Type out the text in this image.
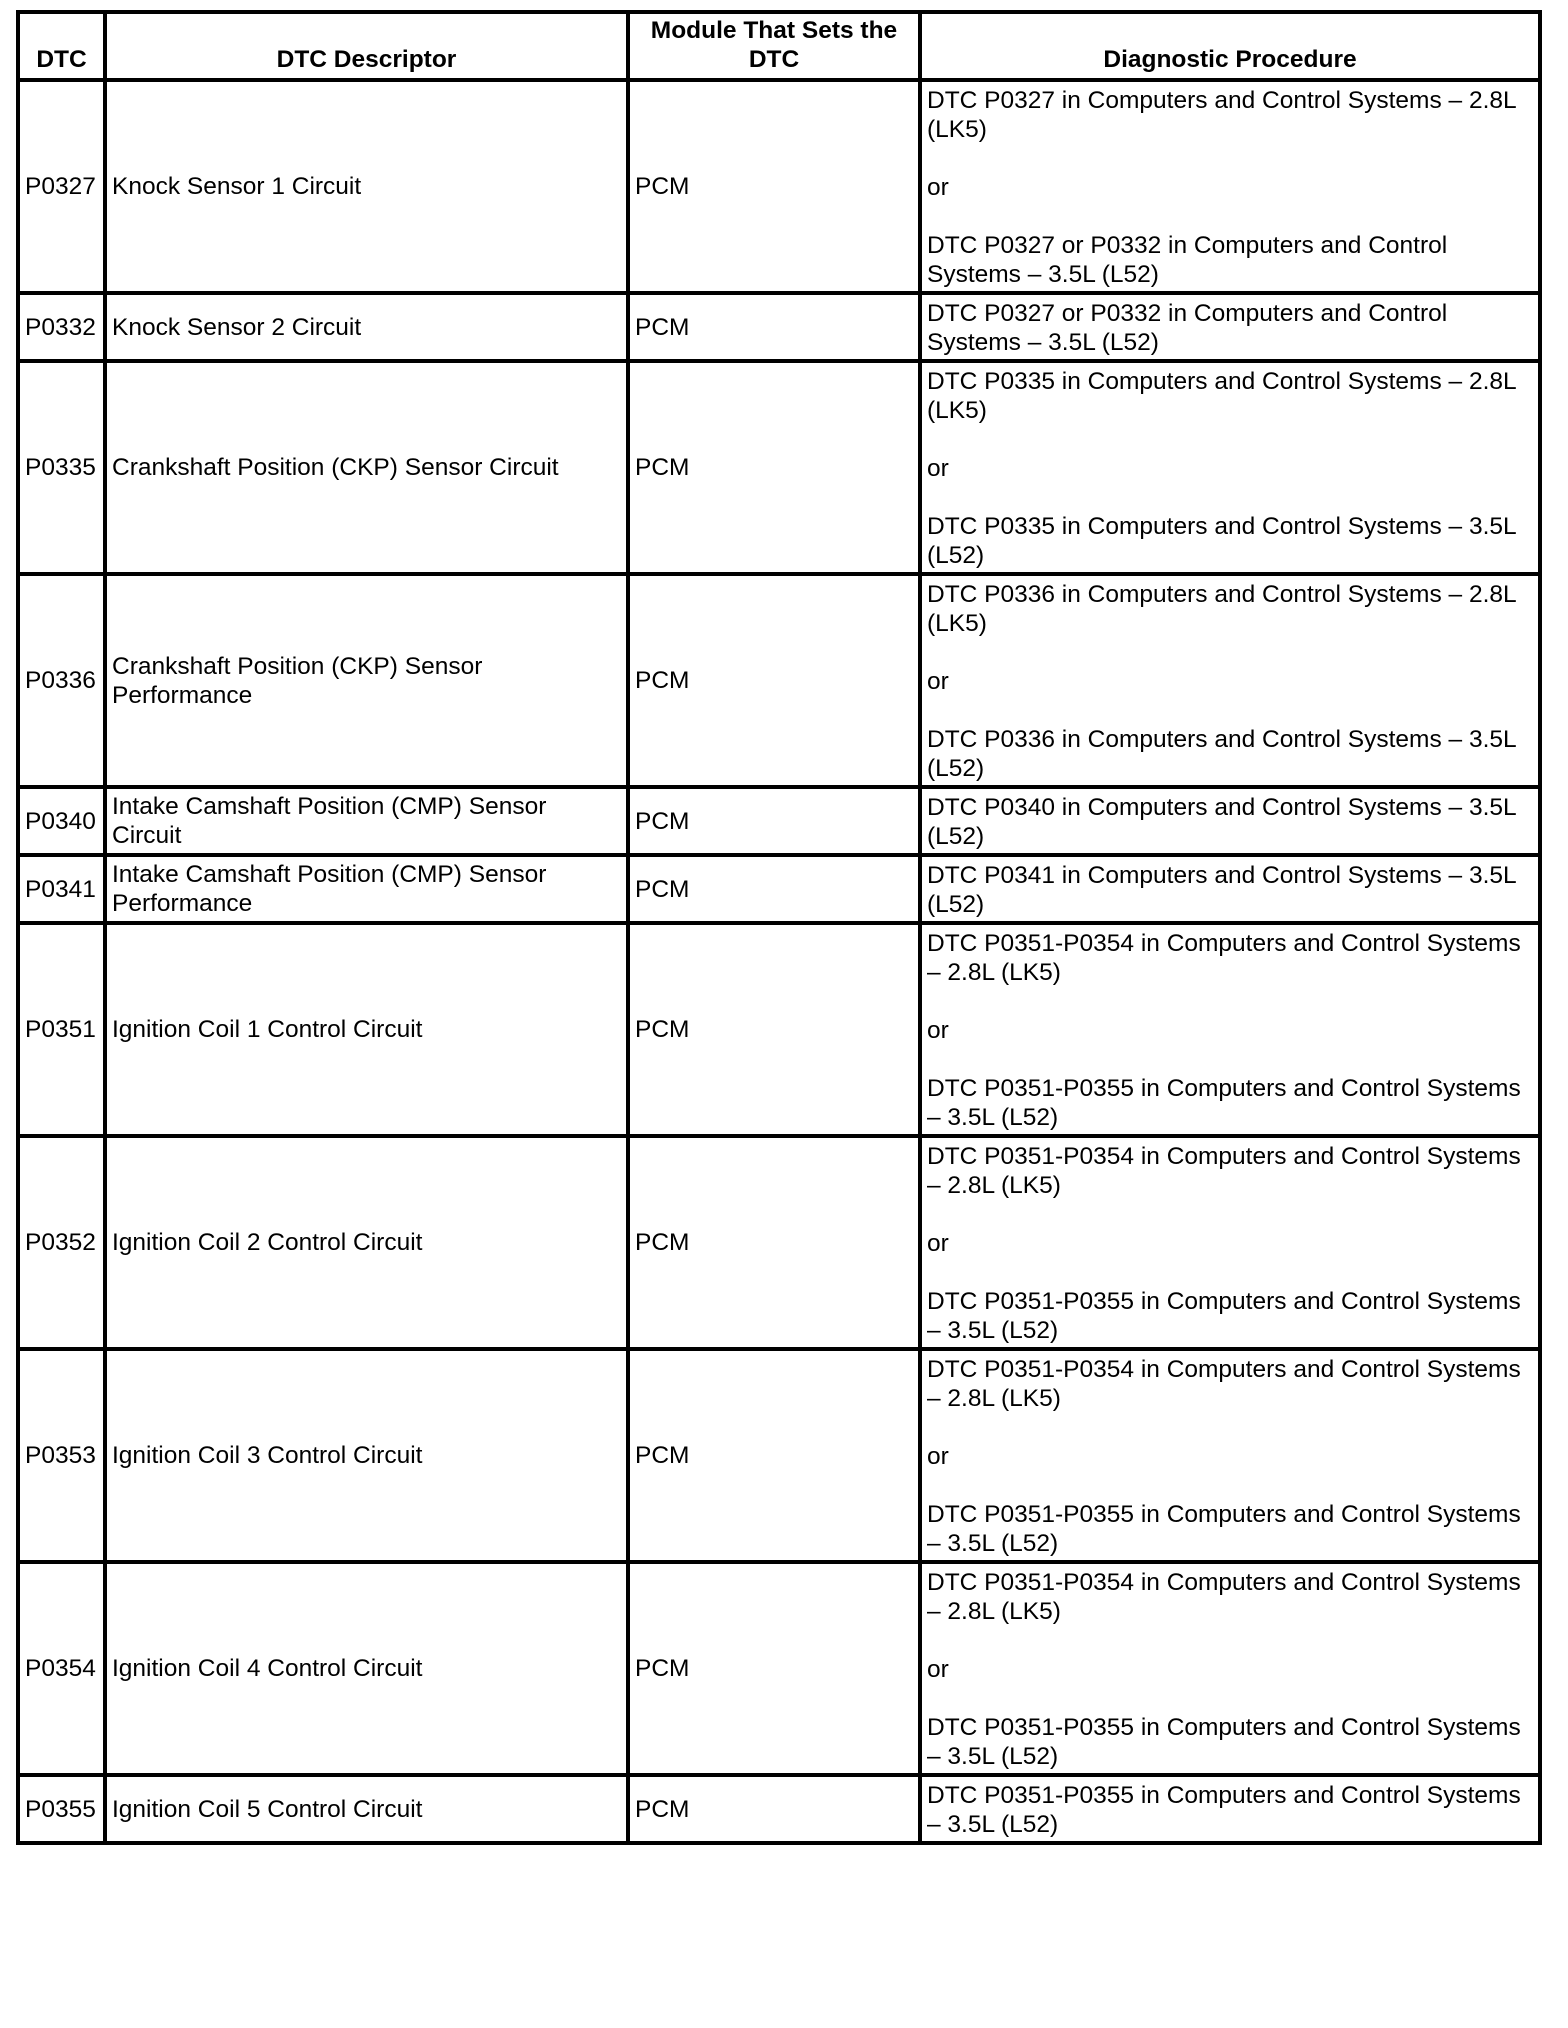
DTC	DTC Descriptor	Module That Sets the DTC	Diagnostic Procedure
P0327	Knock Sensor 1 Circuit	PCM	DTC P0327 in Computers and Control Systems – 2.8L (LK5)
or
DTC P0327 or P0332 in Computers and Control Systems – 3.5L (L52)

P0332	Knock Sensor 2 Circuit	PCM	DTC P0327 or P0332 in Computers and Control Systems – 3.5L (L52)

P0335	Crankshaft Position (CKP) Sensor Circuit	PCM	DTC P0335 in Computers and Control Systems – 2.8L (LK5)
or
DTC P0335 in Computers and Control Systems – 3.5L (L52)

P0336	Crankshaft Position (CKP) Sensor Performance	PCM	DTC P0336 in Computers and Control Systems – 2.8L (LK5)
or
DTC P0336 in Computers and Control Systems – 3.5L (L52)

P0340	Intake Camshaft Position (CMP) Sensor Circuit	PCM	DTC P0340 in Computers and Control Systems – 3.5L (L52)

P0341	Intake Camshaft Position (CMP) Sensor Performance	PCM	DTC P0341 in Computers and Control Systems – 3.5L (L52)

P0351	Ignition Coil 1 Control Circuit	PCM	DTC P0351-P0354 in Computers and Control Systems – 2.8L (LK5)
or
DTC P0351-P0355 in Computers and Control Systems – 3.5L (L52)

P0352	Ignition Coil 2 Control Circuit	PCM	DTC P0351-P0354 in Computers and Control Systems – 2.8L (LK5)
or
DTC P0351-P0355 in Computers and Control Systems – 3.5L (L52)

P0353	Ignition Coil 3 Control Circuit	PCM	DTC P0351-P0354 in Computers and Control Systems – 2.8L (LK5)
or
DTC P0351-P0355 in Computers and Control Systems – 3.5L (L52)

P0354	Ignition Coil 4 Control Circuit	PCM	DTC P0351-P0354 in Computers and Control Systems – 2.8L (LK5)
or
DTC P0351-P0355 in Computers and Control Systems – 3.5L (L52)

P0355	Ignition Coil 5 Control Circuit	PCM	DTC P0351-P0355 in Computers and Control Systems – 3.5L (L52)
